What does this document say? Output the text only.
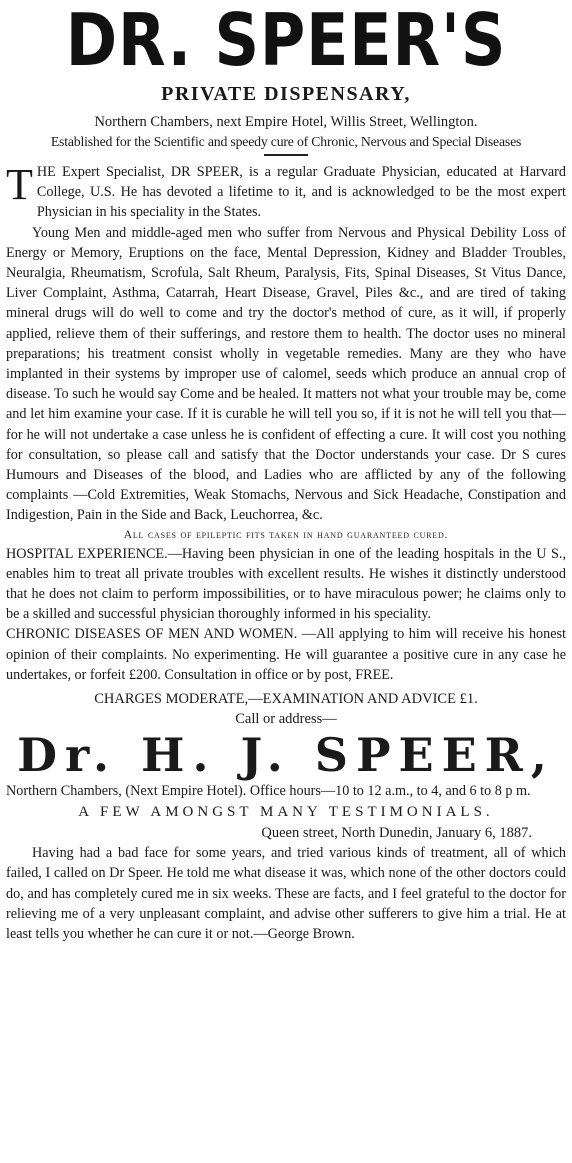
DR. SPEER'S
PRIVATE DISPENSARY,
Northern Chambers, next Empire Hotel, Willis Street, Wellington.
Established for the Scientific and speedy cure of Chronic, Nervous and Special Diseases

THE Expert Specialist, DR SPEER, is a regular Graduate Physician, educated at Harvard College, U.S. He has devoted a lifetime to it, and is acknowledged to be the most expert Physician in his speciality in the States.

Young Men and middle-aged men who suffer from Nervous and Physical Debility Loss of Energy or Memory, Eruptions on the face, Mental Depression, Kidney and Bladder Troubles, Neuralgia, Rheumatism, Scrofula, Salt Rheum, Paralysis, Fits, Spinal Diseases, St Vitus Dance, Liver Complaint, Asthma, Catarrah, Heart Disease, Gravel, Piles &c., and are tired of taking mineral drugs will do well to come and try the doctor's method of cure, as it will, if properly applied, relieve them of their sufferings, and restore them to health. The doctor uses no mineral preparations; his treatment consist wholly in vegetable remedies. Many are they who have implanted in their systems by improper use of calomel, seeds which produce an annual crop of disease. To such he would say Come and be healed. It matters not what your trouble may be, come and let him examine your case. If it is curable he will tell you so, if it is not he will tell you that—for he will not undertake a case unless he is confident of effecting a cure. It will cost you nothing for consultation, so please call and satisfy that the Doctor understands your case. Dr S cures Humours and Diseases of the blood, and Ladies who are afflicted by any of the following complaints —Cold Extremities, Weak Stomachs, Nervous and Sick Headache, Constipation and Indigestion, Pain in the Side and Back, Leuchorrea, &c.

All cases of epileptic fits taken in hand guaranteed cured.

HOSPITAL EXPERIENCE.—Having been physician in one of the leading hospitals in the U S., enables him to treat all private troubles with excellent results. He wishes it distinctly understood that he does not claim to perform impossibilities, or to have miraculous power; he claims only to be a skilled and successful physician thoroughly informed in his speciality.

CHRONIC DISEASES OF MEN AND WOMEN. —All applying to him will receive his honest opinion of their complaints. No experimenting. He will guarantee a positive cure in any case he undertakes, or forfeit £200. Consultation in office or by post, FREE.

CHARGES MODERATE,—EXAMINATION AND ADVICE £1.
Call or address—
Dr. H. J. SPEER,

Northern Chambers, (Next Empire Hotel). Office hours—10 to 12 a.m., to 4, and 6 to 8 p m.

A FEW AMONGST MANY TESTIMONIALS.
Queen street, North Dunedin, January 6, 1887.

Having had a bad face for some years, and tried various kinds of treatment, all of which failed, I called on Dr Speer. He told me what disease it was, which none of the other doctors could do, and has completely cured me in six weeks. These are facts, and I feel grateful to the doctor for relieving me of a very unpleasant complaint, and advise other sufferers to give him a trial. He at least tells you whether he can cure it or not.—George Brown.
